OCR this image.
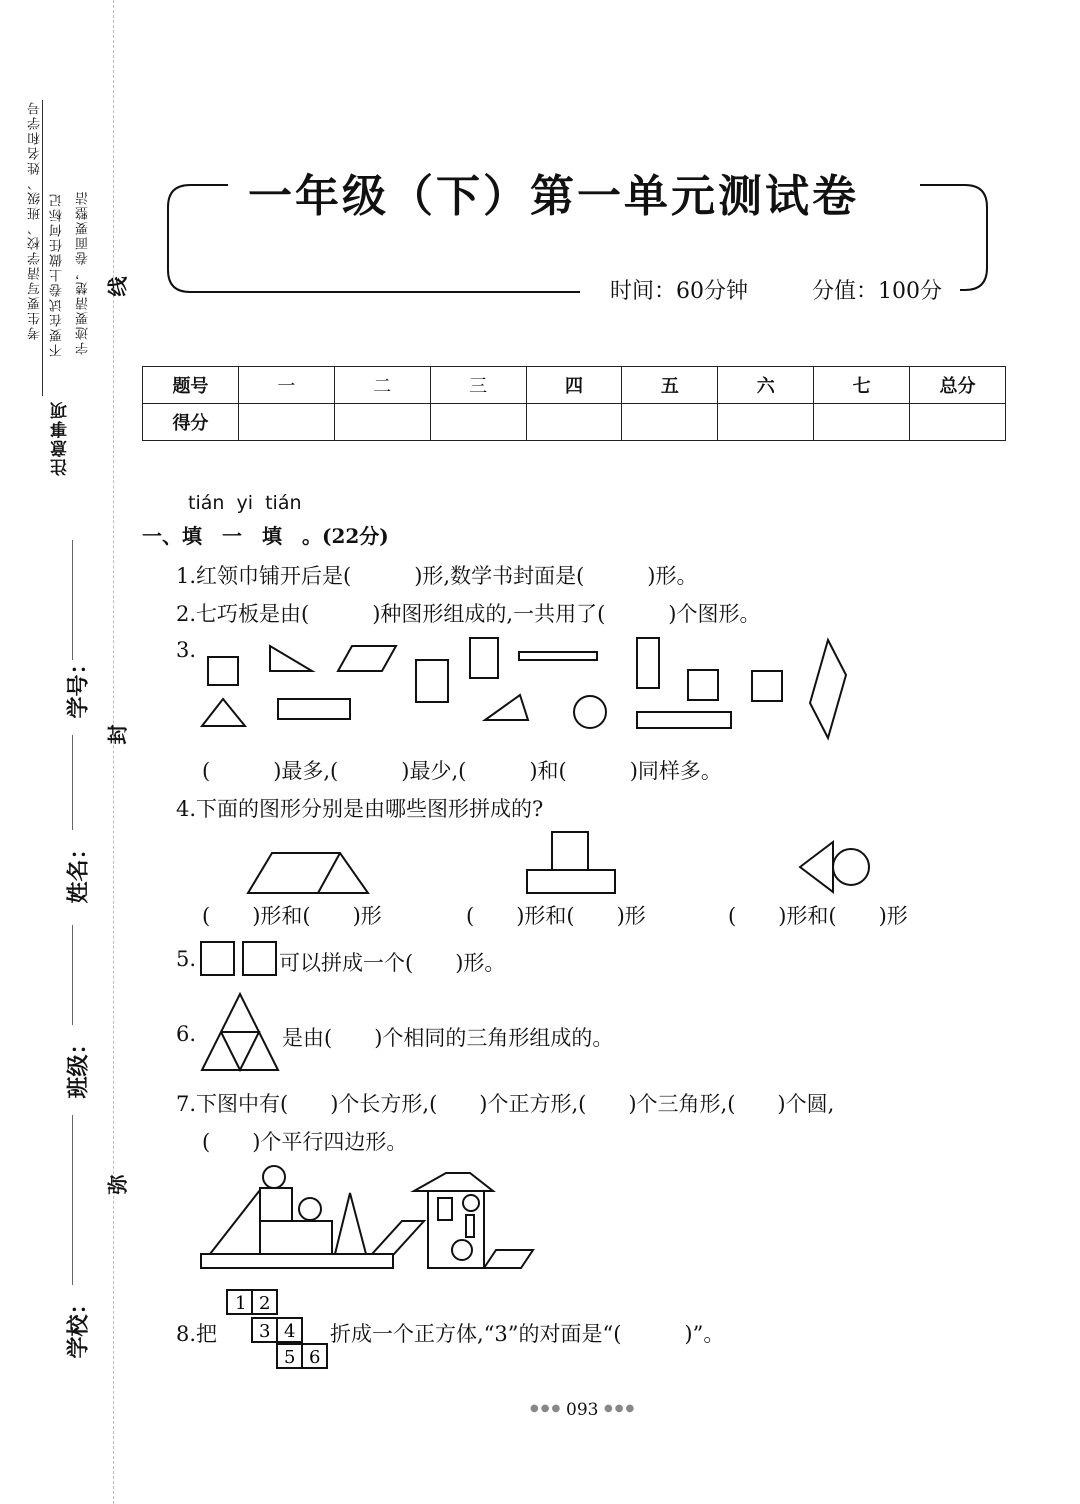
考生要写清学校、班级、姓名和学号 不要在试卷上做任何标记 字迹要清楚，卷面要整洁
注意事项
线
封
弥
学号：
姓名：
班级：
学校：
一年级（下）第一单元测试卷
时间：60分钟	分值：100分
题号	一	二	三	四	五	六	七	总分
得分								
tián  yi  tián
一、填　一　填　。(22分)
1.红领巾铺开后是(　　　)形,数学书封面是(　　　)形。
2.七巧板是由(　　　)种图形组成的,一共用了(　　　)个图形。
3.
(　　　)最多,(　　　)最少,(　　　)和(　　　)同样多。
4.下面的图形分别是由哪些图形拼成的?
(　　)形和(　　)形	(　　)形和(　　)形	(　　)形和(　　)形
5.	可以拼成一个(　　)形。
6.	是由(　　)个相同的三角形组成的。
7.下图中有(　　)个长方形,(　　)个正方形,(　　)个三角形,(　　)个圆,
(　　)个平行四边形。
8.把
1 2
3 4
5 6
折成一个正方体,“3”的对面是“(　　　)”。
●●● 093 ●●●
